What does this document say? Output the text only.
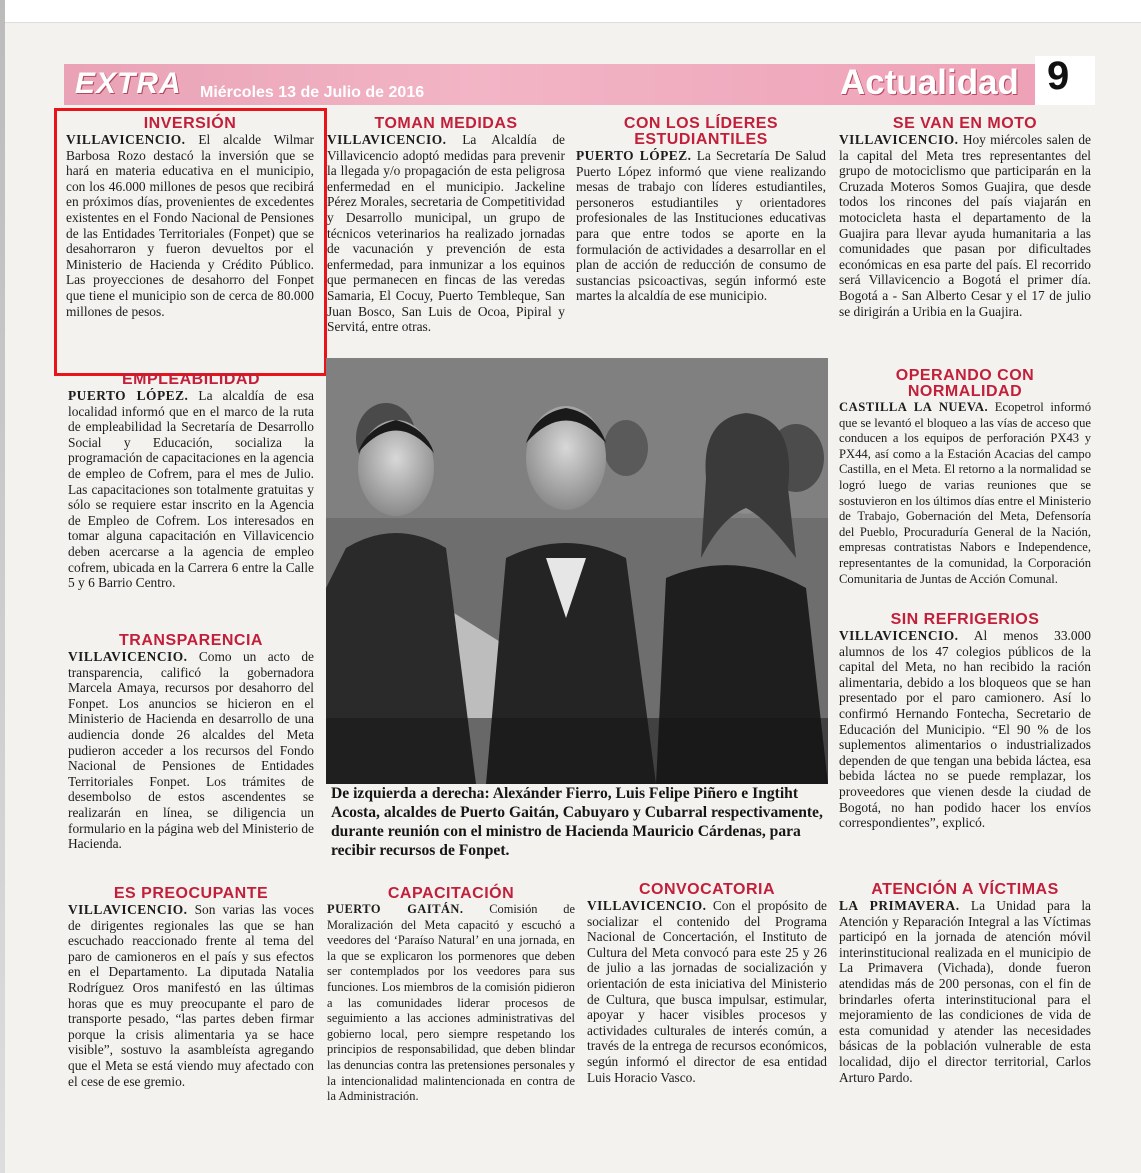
EXTRA Miércoles 13 de Julio de 2016	Actualidad 9
INVERSIÓN

VILLAVICENCIO. El alcalde Wilmar Barbosa Rozo destacó la inversión que se hará en materia educativa en el municipio, con los 46.000 millones de pesos que recibirá en próximos días, provenientes de excedentes existentes en el Fondo Nacional de Pensiones de las Entidades Territoriales (Fonpet) que se desahorraron y fueron devueltos por el Ministerio de Hacienda y Crédito Público. Las proyecciones de desahorro del Fonpet que tiene el municipio son de cerca de 80.000 millones de pesos.

TOMAN MEDIDAS

VILLAVICENCIO. La Alcaldía de Villavicencio adoptó medidas para prevenir la llegada y/o propagación de esta peligrosa enfermedad en el municipio. Jackeline Pérez Morales, secretaria de Competitividad y Desarrollo municipal, un grupo de técnicos veterinarios ha realizado jornadas de vacunación y prevención de esta enfermedad, para inmunizar a los equinos que permanecen en fincas de las veredas Samaria, El Cocuy, Puerto Tembleque, San Juan Bosco, San Luis de Ocoa, Pipiral y Servitá, entre otras.

CON LOS LÍDERES ESTUDIANTILES

PUERTO LÓPEZ. La Secretaría De Salud Puerto López informó que viene realizando mesas de trabajo con líderes estudiantiles, personeros estudiantiles y orientadores profesionales de las Instituciones educativas para que entre todos se aporte en la formulación de actividades a desarrollar en el plan de acción de reducción de consumo de sustancias psicoactivas, según informó este martes la alcaldía de ese municipio.

SE VAN EN MOTO

VILLAVICENCIO. Hoy miércoles salen de la capital del Meta tres representantes del grupo de motociclismo que participarán en la Cruzada Moteros Somos Guajira, que desde todos los rincones del país viajarán en motocicleta hasta el departamento de la Guajira para llevar ayuda humanitaria a las comunidades que pasan por dificultades económicas en esa parte del país. El recorrido será Villavicencio a Bogotá el primer día. Bogotá a - San Alberto Cesar y el 17 de julio se dirigirán a Uribia en la Guajira.

EMPLEABILIDAD

PUERTO LÓPEZ. La alcaldía de esa localidad informó que en el marco de la ruta de empleabilidad la Secretaría de Desarrollo Social y Educación, socializa la programación de capacitaciones en la agencia de empleo de Cofrem, para el mes de Julio. Las capacitaciones son totalmente gratuitas y sólo se requiere estar inscrito en la Agencia de Empleo de Cofrem. Los interesados en tomar alguna capacitación en Villavicencio deben acercarse a la agencia de empleo cofrem, ubicada en la Carrera 6 entre la Calle 5 y 6 Barrio Centro.

TRANSPARENCIA

VILLAVICENCIO. Como un acto de transparencia, calificó la gobernadora Marcela Amaya, recursos por desahorro del Fonpet. Los anuncios se hicieron en el Ministerio de Hacienda en desarrollo de una audiencia donde 26 alcaldes del Meta pudieron acceder a los recursos del Fondo Nacional de Pensiones de Entidades Territoriales Fonpet. Los trámites de desembolso de estos ascendentes se realizarán en línea, se diligencia un formulario en la página web del Ministerio de Hacienda.

OPERANDO CON NORMALIDAD

CASTILLA LA NUEVA. Ecopetrol informó que se levantó el bloqueo a las vías de acceso que conducen a los equipos de perforación PX43 y PX44, así como a la Estación Acacias del campo Castilla, en el Meta. El retorno a la normalidad se logró luego de varias reuniones que se sostuvieron en los últimos días entre el Ministerio de Trabajo, Gobernación del Meta, Defensoría del Pueblo, Procuraduría General de la Nación, empresas contratistas Nabors e Independence, representantes de la comunidad, la Corporación Comunitaria de Juntas de Acción Comunal.

SIN REFRIGERIOS

VILLAVICENCIO. Al menos 33.000 alumnos de los 47 colegios públicos de la capital del Meta, no han recibido la ración alimentaria, debido a los bloqueos que se han presentado por el paro camionero. Así lo confirmó Hernando Fontecha, Secretario de Educación del Municipio. “El 90 % de los suplementos alimentarios o industrializados dependen de que tengan una bebida láctea, esa bebida láctea no se puede remplazar, los proveedores que vienen desde la ciudad de Bogotá, no han podido hacer los envíos correspondientes”, explicó.

De izquierda a derecha: Alexánder Fierro, Luis Felipe Piñero e Ingtiht Acosta, alcaldes de Puerto Gaitán, Cabuyaro y Cubarral respectivamente, durante reunión con el ministro de Hacienda Mauricio Cárdenas, para recibir recursos de Fonpet.
ES PREOCUPANTE

VILLAVICENCIO. Son varias las voces de dirigentes regionales las que se han escuchado reaccionado frente al tema del paro de camioneros en el país y sus efectos en el Departamento. La diputada Natalia Rodríguez Oros manifestó en las últimas horas que es muy preocupante el paro de transporte pesado, “las partes deben firmar porque la crisis alimentaria ya se hace visible”, sostuvo la asambleísta agregando que el Meta se está viendo muy afectado con el cese de ese gremio.

CAPACITACIÓN

PUERTO GAITÁN. Comisión de Moralización del Meta capacitó y escuchó a veedores del ‘Paraíso Natural’ en una jornada, en la que se explicaron los pormenores que deben ser contemplados por los veedores para sus funciones. Los miembros de la comisión pidieron a las comunidades liderar procesos de seguimiento a las acciones administrativas del gobierno local, pero siempre respetando los principios de responsabilidad, que deben blindar las denuncias contra las pretensiones personales y la intencionalidad malintencionada en contra de la Administración.

CONVOCATORIA

VILLAVICENCIO. Con el propósito de socializar el contenido del Programa Nacional de Concertación, el Instituto de Cultura del Meta convocó para este 25 y 26 de julio a las jornadas de socialización y orientación de esta iniciativa del Ministerio de Cultura, que busca impulsar, estimular, apoyar y hacer visibles procesos y actividades culturales de interés común, a través de la entrega de recursos económicos, según informó el director de esa entidad Luis Horacio Vasco.

ATENCIÓN A VÍCTIMAS

LA PRIMAVERA. La Unidad para la Atención y Reparación Integral a las Víctimas participó en la jornada de atención móvil interinstitucional realizada en el municipio de La Primavera (Vichada), donde fueron atendidas más de 200 personas, con el fin de brindarles oferta interinstitucional para el mejoramiento de las condiciones de vida de esta comunidad y atender las necesidades básicas de la población vulnerable de esta localidad, dijo el director territorial, Carlos Arturo Pardo.
